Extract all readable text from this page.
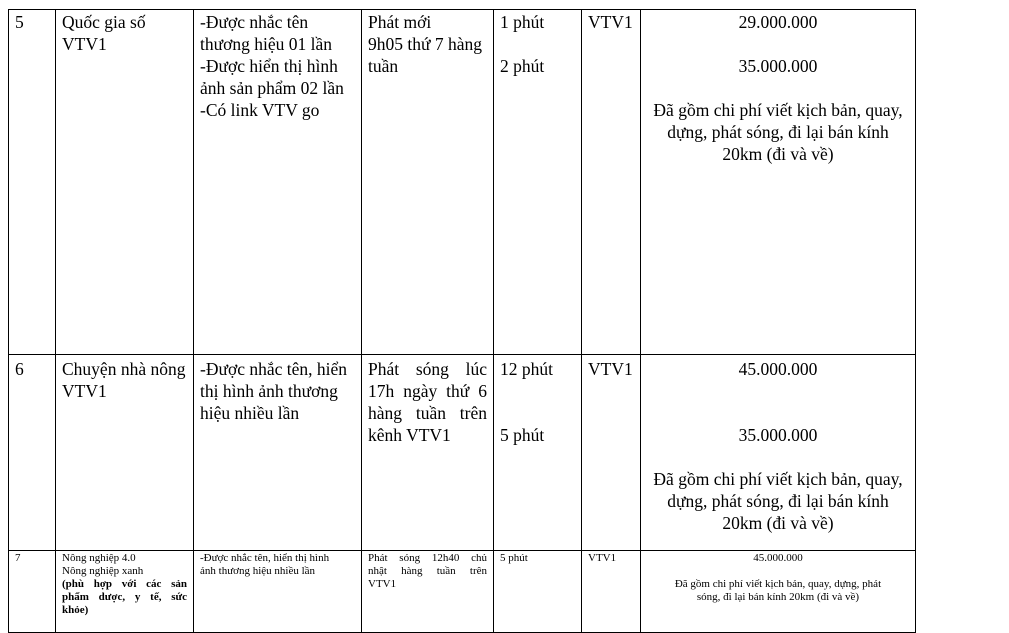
5	Quốc gia số
VTV1	-Được nhắc tên
thương hiệu 01 lần
-Được hiển thị hình
ảnh sản phẩm 02 lần
-Có link VTV go	Phát mới
9h05 thứ 7 hàng
tuần	1 phút
2 phút	VTV1	29.000.000
35.000.000
Đã gồm chi phí viết kịch bản, quay,
dựng, phát sóng, đi lại bán kính
20km (đi và về)

6	Chuyện nhà nông
VTV1	-Được nhắc tên, hiển
thị hình ảnh thương
hiệu nhiều lần	Phát sóng lúc
17h ngày thứ 6
hàng tuần trên
kênh VTV1	12 phút
5 phút	VTV1	45.000.000
35.000.000
Đã gồm chi phí viết kịch bản, quay,
dựng, phát sóng, đi lại bán kính
20km (đi và về)

7	Nông nghiệp 4.0
Nông nghiệp xanh
(phù hợp với các sản
phẩm dược, y tế, sức
khỏe)	-Được nhắc tên, hiển thị hình
ảnh thương hiệu nhiều lần	Phát sóng 12h40 chủ
nhật hàng tuần trên
VTV1	5 phút	VTV1	45.000.000
Đã gồm chi phí viết kịch bản, quay, dựng, phát
sóng, đi lại bán kính 20km (đi và về)
